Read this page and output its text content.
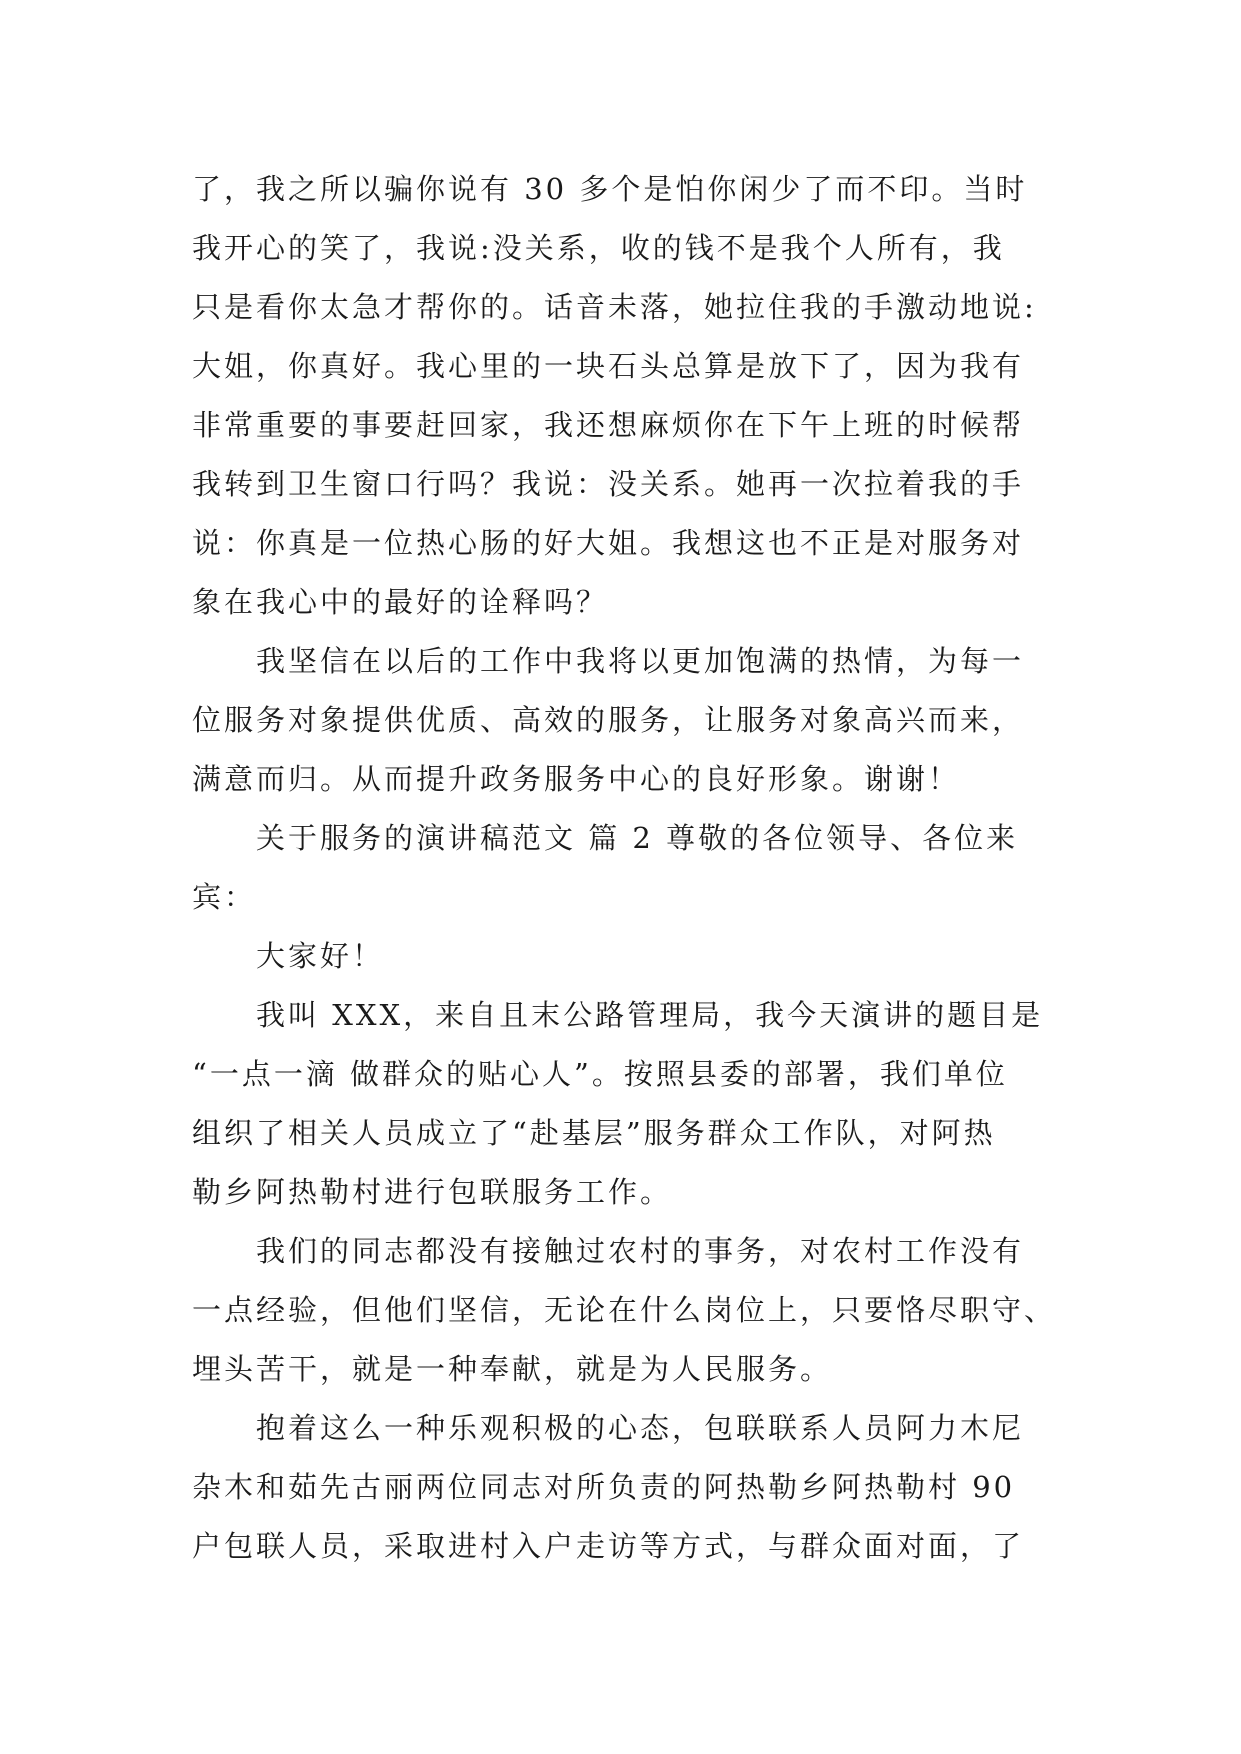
了，我之所以骗你说有 30 多个是怕你闲少了而不印。当时
我开心的笑了，我说:没关系，收的钱不是我个人所有，我
只是看你太急才帮你的。话音未落，她拉住我的手激动地说:
大姐，你真好。我心里的一块石头总算是放下了，因为我有
非常重要的事要赶回家，我还想麻烦你在下午上班的时候帮
我转到卫生窗口行吗？我说：没关系。她再一次拉着我的手
说：你真是一位热心肠的好大姐。我想这也不正是对服务对
象在我心中的最好的诠释吗？
我坚信在以后的工作中我将以更加饱满的热情，为每一
位服务对象提供优质、高效的服务，让服务对象高兴而来，
满意而归。从而提升政务服务中心的良好形象。谢谢！
关于服务的演讲稿范文 篇 2 尊敬的各位领导、各位来
宾：
大家好！
我叫 XXX，来自且末公路管理局，我今天演讲的题目是
“一点一滴 做群众的贴心人”。按照县委的部署，我们单位
组织了相关人员成立了“赴基层”服务群众工作队，对阿热
勒乡阿热勒村进行包联服务工作。
我们的同志都没有接触过农村的事务，对农村工作没有
一点经验，但他们坚信，无论在什么岗位上，只要恪尽职守、
埋头苦干，就是一种奉献，就是为人民服务。
抱着这么一种乐观积极的心态，包联联系人员阿力木尼
杂木和茹先古丽两位同志对所负责的阿热勒乡阿热勒村 90
户包联人员，采取进村入户走访等方式，与群众面对面，了
